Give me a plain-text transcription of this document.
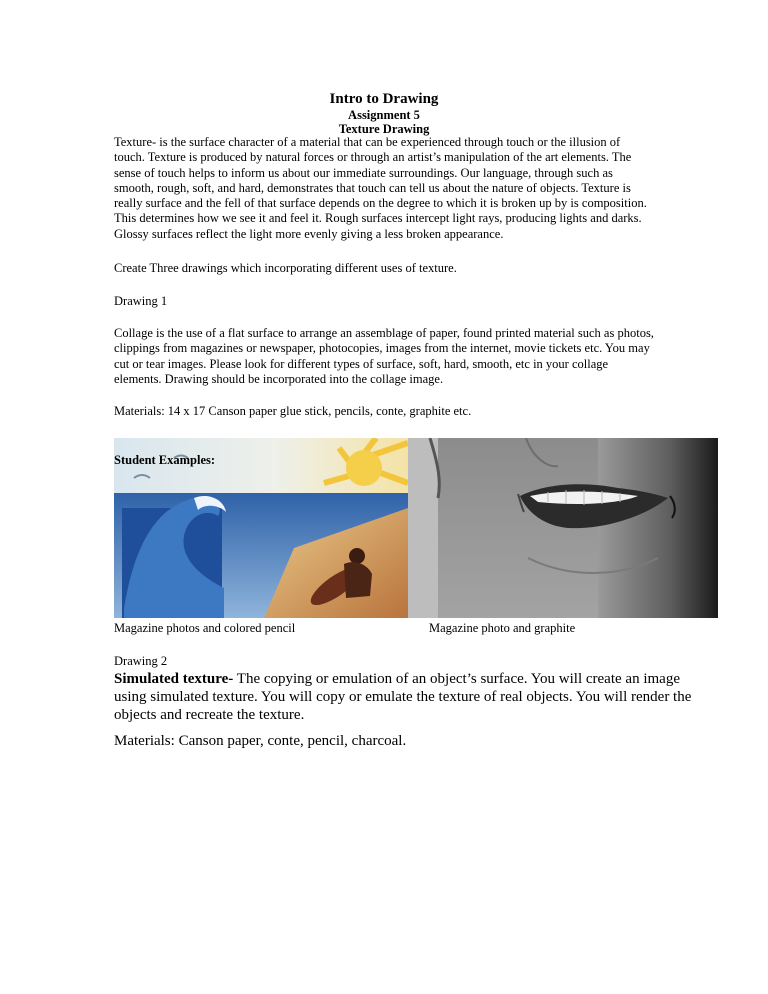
Intro to Drawing
Assignment 5
Texture Drawing
Texture- is the surface character of a material that can be experienced through touch or the illusion of touch. Texture is produced by natural forces or through an artist’s manipulation of the art elements. The sense of touch helps to inform us about our immediate surroundings. Our language, through such as smooth, rough, soft, and hard, demonstrates that touch can tell us about the nature of objects. Texture is really surface and the fell of that surface depends on the degree to which it is broken up by is composition. This determines how we see it and feel it. Rough surfaces intercept light rays, producing lights and darks. Glossy surfaces reflect the light more evenly giving a less broken appearance.
Create Three drawings which incorporating different uses of texture.
Drawing 1
Collage is the use of a flat surface to arrange an assemblage of paper, found printed material such as photos, clippings from magazines or newspaper, photocopies, images from the internet, movie tickets etc. You may cut or tear images. Please look for different types of surface, soft, hard, smooth, etc in your collage elements. Drawing should be incorporated into the collage image.
Materials: 14 x 17 Canson paper glue stick, pencils, conte, graphite etc.
Student Examples:
Magazine photos and colored pencil	Magazine photo and graphite
Drawing 2
Simulated texture- The copying or emulation of an object’s surface. You will create an image using simulated texture. You will copy or emulate the texture of real objects. You will render the objects and recreate the texture.
Materials: Canson paper, conte, pencil, charcoal.
